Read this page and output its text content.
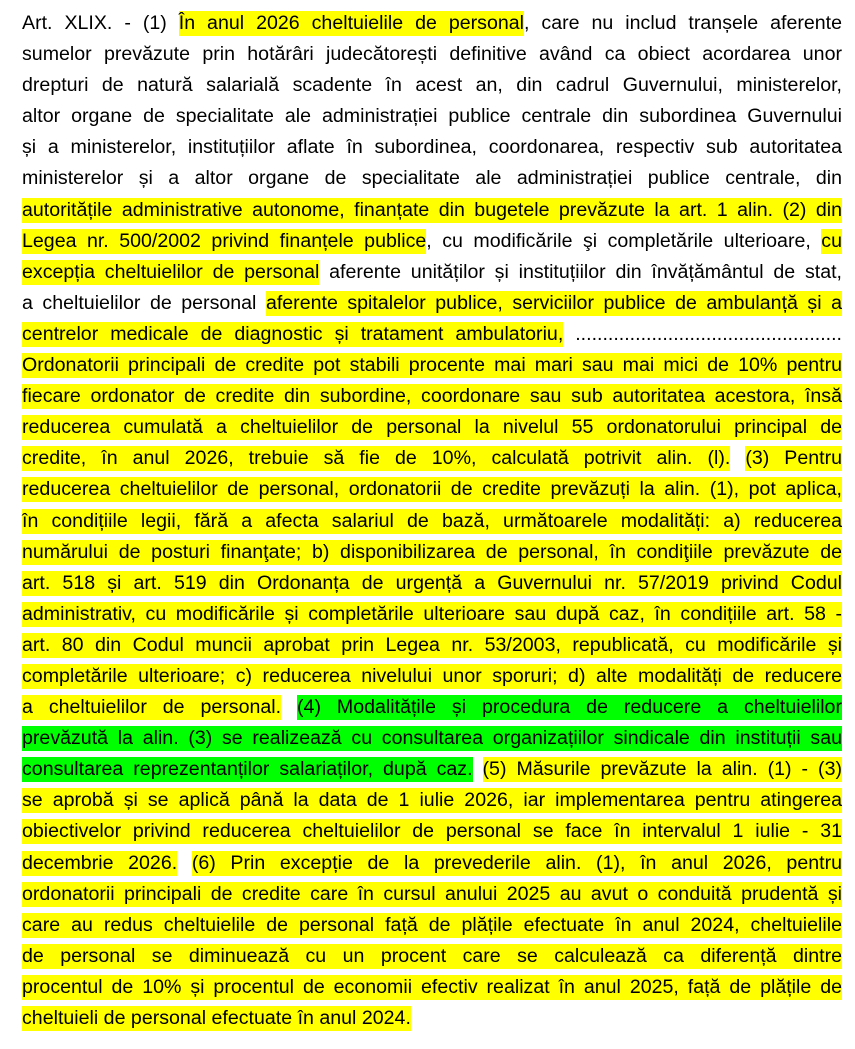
Art. XLIX. - (1) În anul 2026 cheltuielile de personal, care nu includ tranșele aferente
sumelor prevăzute prin hotărâri judecătorești definitive având ca obiect acordarea unor
drepturi de natură salarială scadente în acest an, din cadrul Guvernului, ministerelor,
altor organe de specialitate ale administrației publice centrale din subordinea Guvernului
și a ministerelor, instituțiilor aflate în subordinea, coordonarea, respectiv sub autoritatea
ministerelor și a altor organe de specialitate ale administrației publice centrale, din
autoritățile administrative autonome, finanțate din bugetele prevăzute la art. 1 alin. (2) din
Legea nr. 500/2002 privind finanțele publice, cu modificările şi completările ulterioare, cu
excepția cheltuielilor de personal aferente unităților și instituțiilor din învățământul de stat,
a cheltuielilor de personal aferente spitalelor publice, serviciilor publice de ambulanță și a
centrelor medicale de diagnostic și tratament ambulatoriu, .................................................
Ordonatorii principali de credite pot stabili procente mai mari sau mai mici de 10% pentru
fiecare ordonator de credite din subordine, coordonare sau sub autoritatea acestora, însă
reducerea cumulată a cheltuielilor de personal la nivelul 55 ordonatorului principal de
credite, în anul 2026, trebuie să fie de 10%, calculată potrivit alin. (l). (3) Pentru
reducerea cheltuielilor de personal, ordonatorii de credite prevăzuți la alin. (1), pot aplica,
în condițiile legii, fără a afecta salariul de bază, următoarele modalități: a) reducerea
numărului de posturi finanţate; b) disponibilizarea de personal, în condiţiile prevăzute de
art. 518 și art. 519 din Ordonanța de urgență a Guvernului nr. 57/2019 privind Codul
administrativ, cu modificările și completările ulterioare sau după caz, în condițiile art. 58 -
art. 80 din Codul muncii aprobat prin Legea nr. 53/2003, republicată, cu modificările și
completările ulterioare; c) reducerea nivelului unor sporuri; d) alte modalități de reducere
a cheltuielilor de personal. (4) Modalitățile și procedura de reducere a cheltuielilor
prevăzută la alin. (3) se realizează cu consultarea organizațiilor sindicale din instituții sau
consultarea reprezentanților salariaților, după caz. (5) Măsurile prevăzute la alin. (1) - (3)
se aprobă și se aplică până la data de 1 iulie 2026, iar implementarea pentru atingerea
obiectivelor privind reducerea cheltuielilor de personal se face în intervalul 1 iulie - 31
decembrie 2026. (6) Prin excepție de la prevederile alin. (1), în anul 2026, pentru
ordonatorii principali de credite care în cursul anului 2025 au avut o conduită prudentă și
care au redus cheltuielile de personal față de plățile efectuate în anul 2024, cheltuielile
de personal se diminuează cu un procent care se calculează ca diferență dintre
procentul de 10% și procentul de economii efectiv realizat în anul 2025, față de plățile de
cheltuieli de personal efectuate în anul 2024.
